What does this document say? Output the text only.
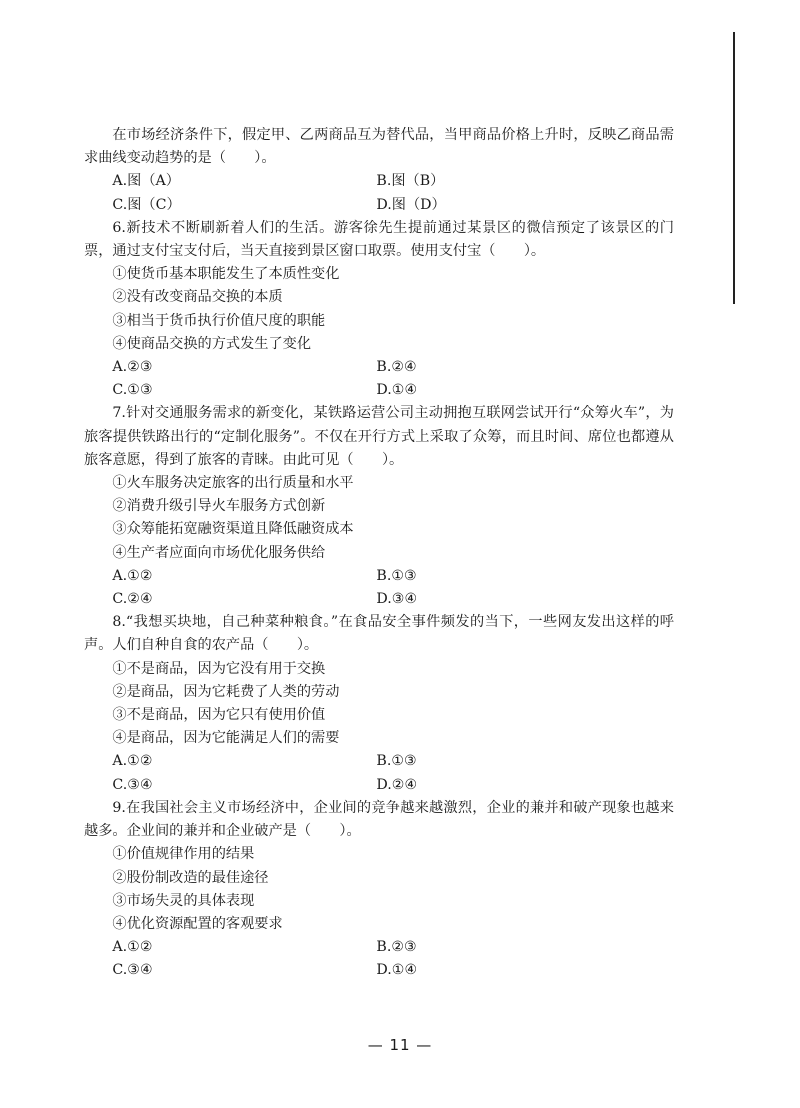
在市场经济条件下，假定甲、乙两商品互为替代品，当甲商品价格上升时，反映乙商品需求曲线变动趋势的是（　　）。
A.图（A）	B.图（B）
C.图（C）	D.图（D）
6.新技术不断刷新着人们的生活。游客徐先生提前通过某景区的微信预定了该景区的门票，通过支付宝支付后，当天直接到景区窗口取票。使用支付宝（　　）。
①使货币基本职能发生了本质性变化
②没有改变商品交换的本质
③相当于货币执行价值尺度的职能
④使商品交换的方式发生了变化
A.②③	B.②④
C.①③	D.①④
7.针对交通服务需求的新变化，某铁路运营公司主动拥抱互联网尝试开行“众筹火车”，为旅客提供铁路出行的“定制化服务”。不仅在开行方式上采取了众筹，而且时间、席位也都遵从旅客意愿，得到了旅客的青睐。由此可见（　　）。
①火车服务决定旅客的出行质量和水平
②消费升级引导火车服务方式创新
③众筹能拓宽融资渠道且降低融资成本
④生产者应面向市场优化服务供给
A.①②	B.①③
C.②④	D.③④
8.“我想买块地，自己种菜种粮食。”在食品安全事件频发的当下，一些网友发出这样的呼声。人们自种自食的农产品（　　）。
①不是商品，因为它没有用于交换
②是商品，因为它耗费了人类的劳动
③不是商品，因为它只有使用价值
④是商品，因为它能满足人们的需要
A.①②	B.①③
C.③④	D.②④
9.在我国社会主义市场经济中，企业间的竞争越来越激烈，企业的兼并和破产现象也越来越多。企业间的兼并和企业破产是（　　）。
①价值规律作用的结果
②股份制改造的最佳途径
③市场失灵的具体表现
④优化资源配置的客观要求
A.①②	B.②③
C.③④	D.①④
— 11 —
